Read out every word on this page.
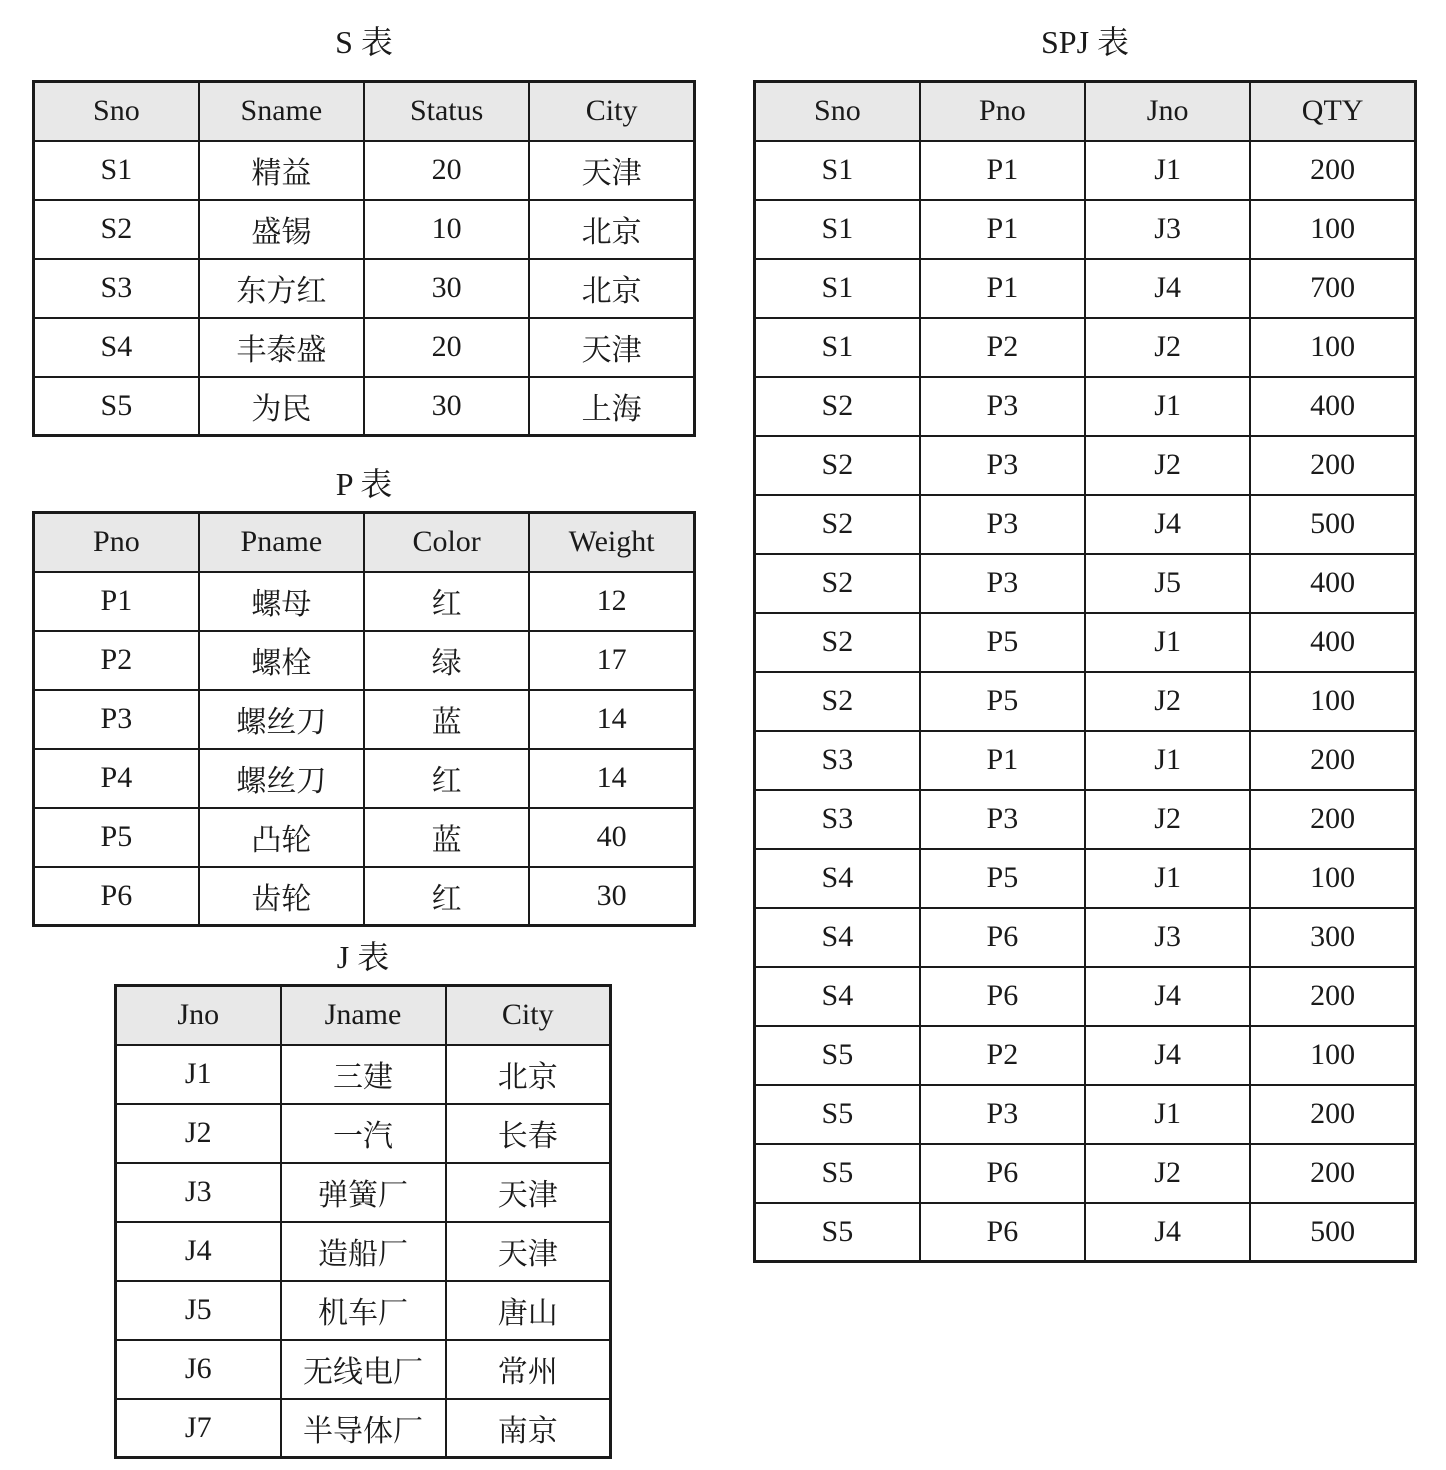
S 表
Sno	Sname	Status	City
S1	精益	20	天津
S2	盛锡	10	北京
S3	东方红	30	北京
S4	丰泰盛	20	天津
S5	为民	30	上海
P 表
Pno	Pname	Color	Weight
P1	螺母	红	12
P2	螺栓	绿	17
P3	螺丝刀	蓝	14
P4	螺丝刀	红	14
P5	凸轮	蓝	40
P6	齿轮	红	30
J 表
Jno	Jname	City
J1	三建	北京
J2	一汽	长春
J3	弹簧厂	天津
J4	造船厂	天津
J5	机车厂	唐山
J6	无线电厂	常州
J7	半导体厂	南京
SPJ 表
Sno	Pno	Jno	QTY
S1	P1	J1	200
S1	P1	J3	100
S1	P1	J4	700
S1	P2	J2	100
S2	P3	J1	400
S2	P3	J2	200
S2	P3	J4	500
S2	P3	J5	400
S2	P5	J1	400
S2	P5	J2	100
S3	P1	J1	200
S3	P3	J2	200
S4	P5	J1	100
S4	P6	J3	300
S4	P6	J4	200
S5	P2	J4	100
S5	P3	J1	200
S5	P6	J2	200
S5	P6	J4	500
